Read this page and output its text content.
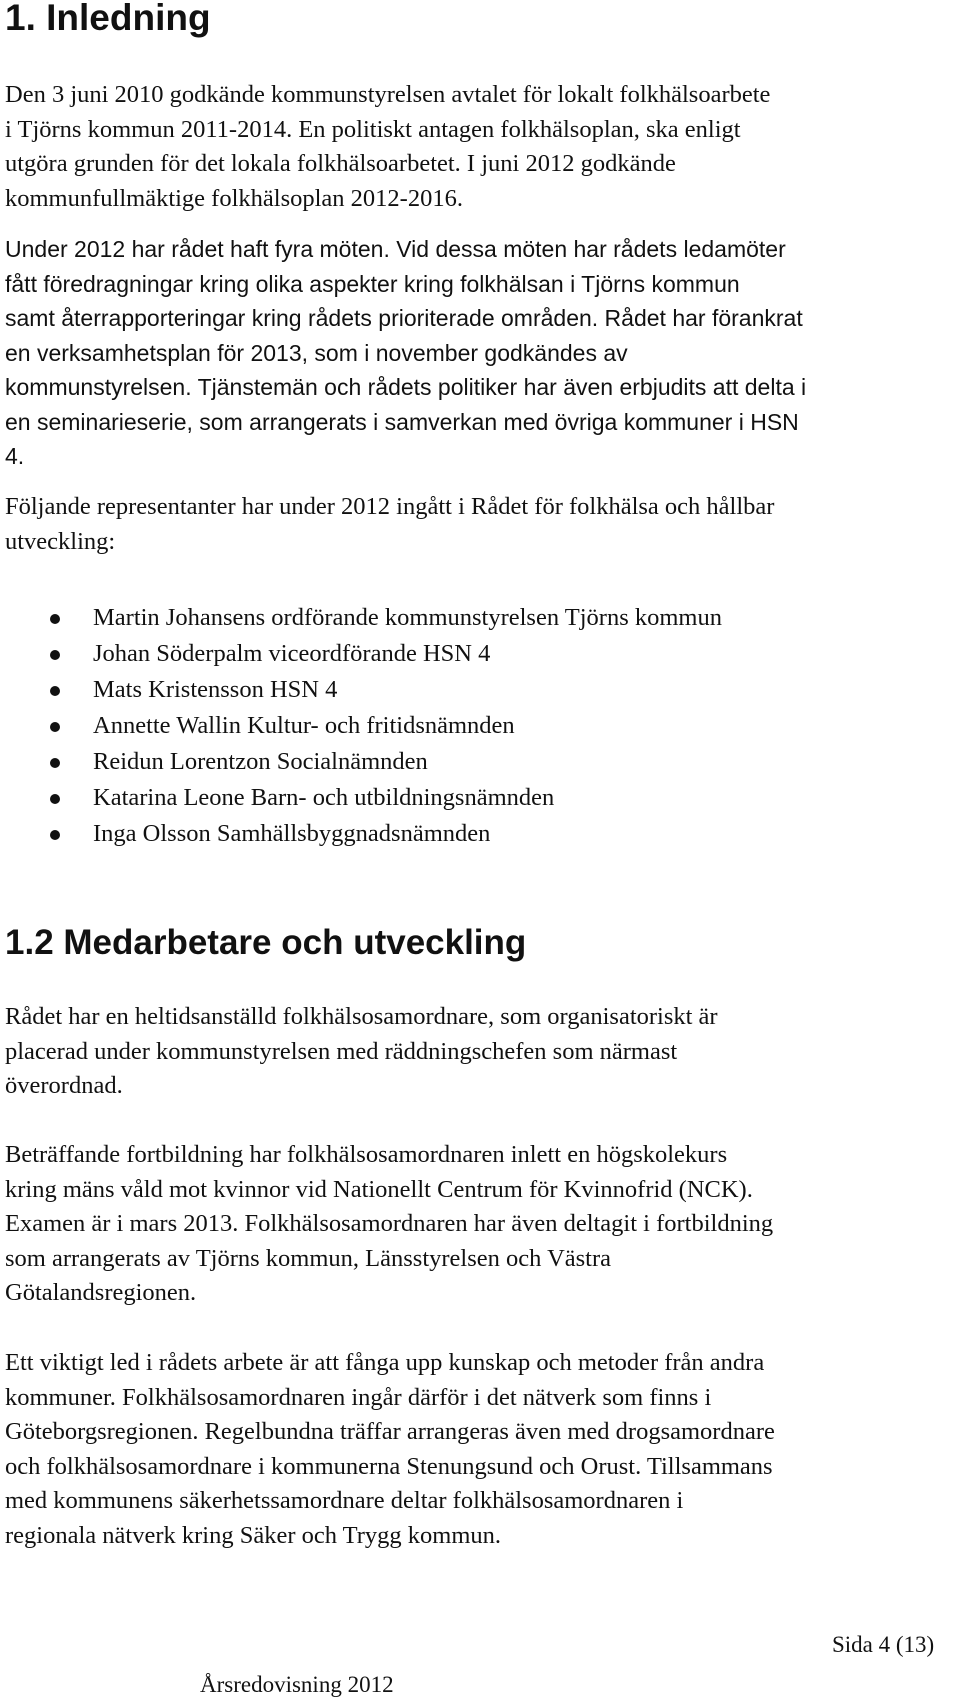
1. Inledning

Den 3 juni 2010 godkände kommunstyrelsen avtalet för lokalt folkhälsoarbete
i Tjörns kommun 2011-2014. En politiskt antagen folkhälsoplan, ska enligt
utgöra grunden för det lokala folkhälsoarbetet. I juni 2012 godkände
kommunfullmäktige folkhälsoplan 2012-2016.

Under 2012 har rådet haft fyra möten. Vid dessa möten har rådets ledamöter
fått föredragningar kring olika aspekter kring folkhälsan i Tjörns kommun
samt återrapporteringar kring rådets prioriterade områden. Rådet har förankrat
en verksamhetsplan för 2013, som i november godkändes av
kommunstyrelsen. Tjänstemän och rådets politiker har även erbjudits att delta i
en seminarieserie, som arrangerats i samverkan med övriga kommuner i HSN
4.

Följande representanter har under 2012 ingått i Rådet för folkhälsa och hållbar
utveckling:

Martin Johansens ordförande kommunstyrelsen Tjörns kommun
Johan Söderpalm viceordförande HSN 4
Mats Kristensson HSN 4
Annette Wallin Kultur- och fritidsnämnden
Reidun Lorentzon Socialnämnden
Katarina Leone Barn- och utbildningsnämnden
Inga Olsson Samhällsbyggnadsnämnden
1.2 Medarbetare och utveckling

Rådet har en heltidsanställd folkhälsosamordnare, som organisatoriskt är
placerad under kommunstyrelsen med räddningschefen som närmast
överordnad.

Beträffande fortbildning har folkhälsosamordnaren inlett en högskolekurs
kring mäns våld mot kvinnor vid Nationellt Centrum för Kvinnofrid (NCK).
Examen är i mars 2013. Folkhälsosamordnaren har även deltagit i fortbildning
som arrangerats av Tjörns kommun, Länsstyrelsen och Västra
Götalandsregionen.

Ett viktigt led i rådets arbete är att fånga upp kunskap och metoder från andra
kommuner. Folkhälsosamordnaren ingår därför i det nätverk som finns i
Göteborgsregionen. Regelbundna träffar arrangeras även med drogsamordnare
och folkhälsosamordnare i kommunerna Stenungsund och Orust. Tillsammans
med kommunens säkerhetssamordnare deltar folkhälsosamordnaren i
regionala nätverk kring Säker och Trygg kommun.

Sida 4 (13)
Årsredovisning 2012
